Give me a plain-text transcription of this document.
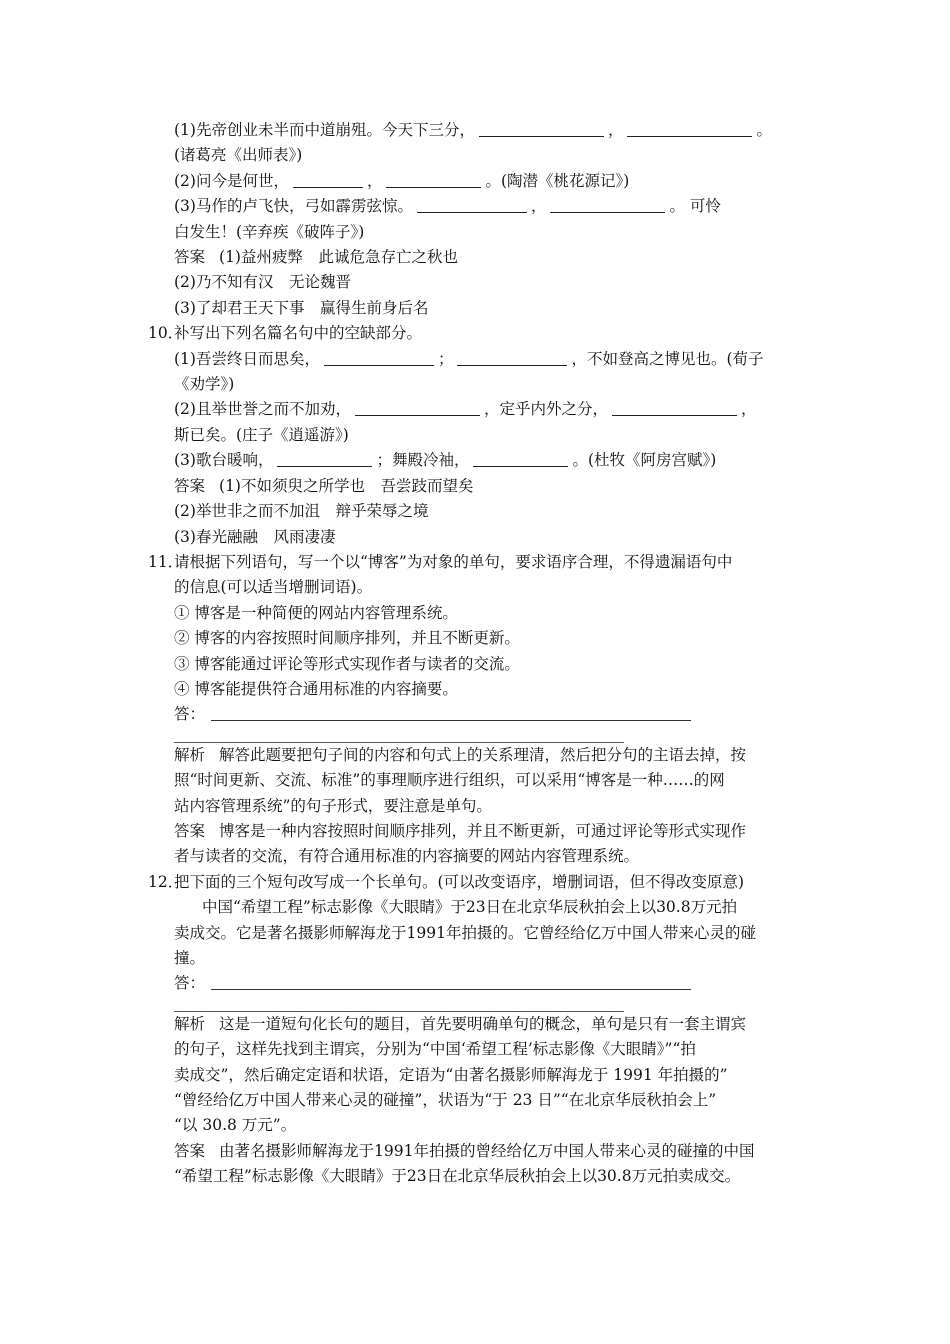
(1)先帝创业未半而中道崩殂。今天下三分，	，	。
(诸葛亮《出师表》)
(2)问今是何世，	，	。(陶潜《桃花源记》)
(3)马作的卢飞快，弓如霹雳弦惊。	，	。 可怜
白发生！(辛弃疾《破阵子》)
答案 (1)益州疲弊　此诚危急存亡之秋也
(2)乃不知有汉　无论魏晋
(3)了却君王天下事　赢得生前身后名
10．补写出下列名篇名句中的空缺部分。
(1)吾尝终日而思矣，	；	，不如登高之博见也。(荀子
《劝学》)
(2)且举世誉之而不加劝，	，定乎内外之分，	，
斯已矣。(庄子《逍遥游》)
(3)歌台暖响，	；舞殿冷袖，	。(杜牧《阿房宫赋》)
答案 (1)不如须臾之所学也　吾尝跂而望矣
(2)举世非之而不加沮　辩乎荣辱之境
(3)春光融融　风雨凄凄
11．请根据下列语句，写一个以“博客”为对象的单句，要求语序合理，不得遗漏语句中
的信息(可以适当增删词语)。
① 博客是一种简便的网站内容管理系统。
② 博客的内容按照时间顺序排列，并且不断更新。
③ 博客能通过评论等形式实现作者与读者的交流。
④ 博客能提供符合通用标准的内容摘要。
答：
解析 解答此题要把句子间的内容和句式上的关系理清，然后把分句的主语去掉，按
照“时间更新、交流、标准”的事理顺序进行组织，可以采用“博客是一种……的网
站内容管理系统”的句子形式，要注意是单句。
答案 博客是一种内容按照时间顺序排列，并且不断更新，可通过评论等形式实现作
者与读者的交流，有符合通用标准的内容摘要的网站内容管理系统。
12．把下面的三个短句改写成一个长单句。(可以改变语序，增删词语，但不得改变原意)
中国“希望工程”标志影像《大眼睛》于23日在北京华辰秋拍会上以30.8万元拍
卖成交。它是著名摄影师解海龙于1991年拍摄的。它曾经给亿万中国人带来心灵的碰
撞。
答：
解析 这是一道短句化长句的题目，首先要明确单句的概念，单句是只有一套主谓宾
的句子，这样先找到主谓宾，分别为“中国‘希望工程’标志影像《大眼睛》”“拍
卖成交”，然后确定定语和状语，定语为“由著名摄影师解海龙于 1991 年拍摄的”
“曾经给亿万中国人带来心灵的碰撞”，状语为“于 23 日”“在北京华辰秋拍会上”
“以 30.8 万元”。
答案 由著名摄影师解海龙于1991年拍摄的曾经给亿万中国人带来心灵的碰撞的中国
“希望工程”标志影像《大眼睛》于23日在北京华辰秋拍会上以30.8万元拍卖成交。
